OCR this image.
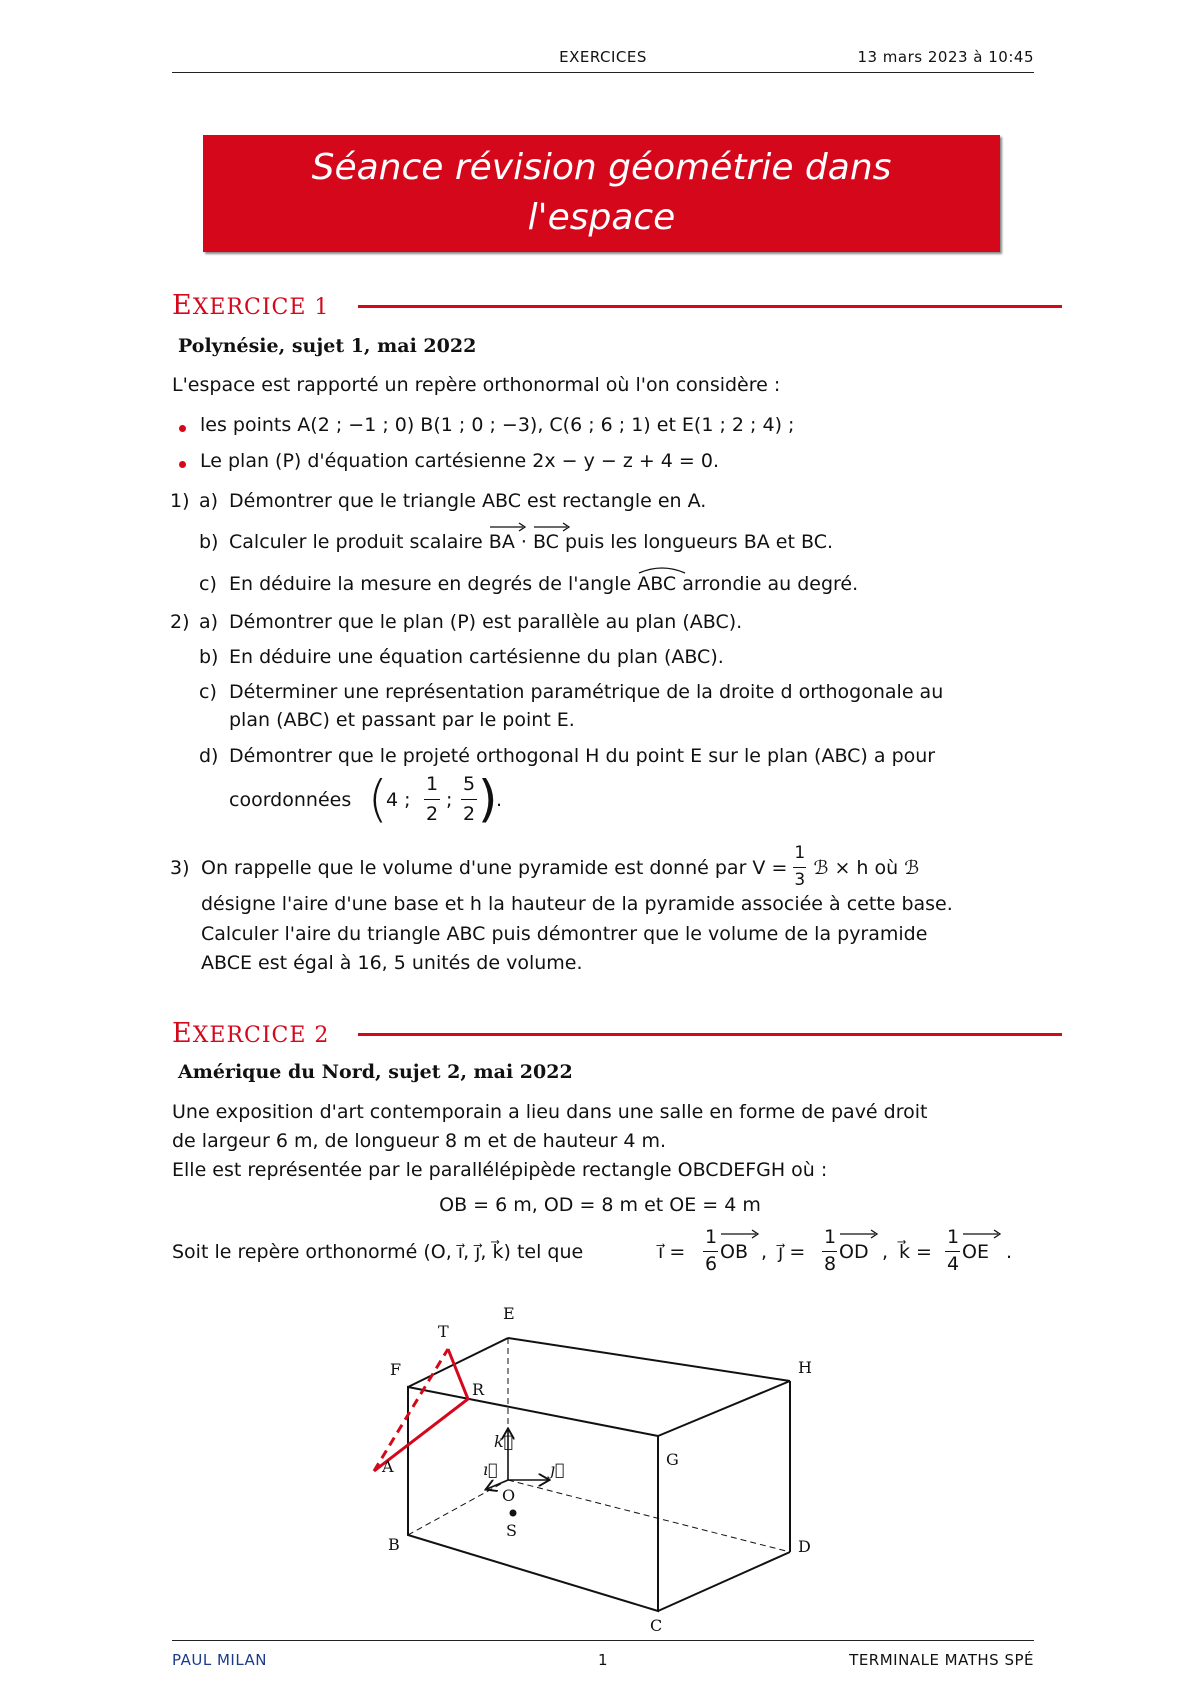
EXERCICES	13 mars 2023 à 10:45
Séance révision géométrie dans
l'espace
EXERCICE 1
Polynésie, sujet 1, mai 2022
L'espace est rapporté un repère orthonormal où l'on considère :
les points A(2 ; −1 ; 0) B(1 ; 0 ; −3), C(6 ; 6 ; 1) et E(1 ; 2 ; 4) ;
Le plan (P) d'équation cartésienne 2x − y − z + 4 = 0.
1) a) Démontrer que le triangle ABC est rectangle en A.
b) Calculer le produit scalaire BA · BC puis les longueurs BA et BC.
c) En déduire la mesure en degrés de l'angle ABC arrondie au degré.
2) a) Démontrer que le plan (P) est parallèle au plan (ABC).
b) En déduire une équation cartésienne du plan (ABC).
c) Déterminer une représentation paramétrique de la droite d orthogonale au
plan (ABC) et passant par le point E.
d) Démontrer que le projeté orthogonal H du point E sur le plan (ABC) a pour
coordonnées (
4 ;
1
2
;
5
2 )
.
3) On rappelle que le volume d'une pyramide est donné par $V = \frac{1}{3}$ ℬ × h où ℬ
désigne l'aire d'une base et h la hauteur de la pyramide associée à cette base.
Calculer l'aire du triangle ABC puis démontrer que le volume de la pyramide
ABCE est égal à 16, 5 unités de volume.
EXERCICE 2
Amérique du Nord, sujet 2, mai 2022
Une exposition d'art contemporain a lieu dans une salle en forme de pavé droit
de largeur 6 m, de longueur 8 m et de hauteur 4 m.
Elle est représentée par le parallélépipède rectangle OBCDEFGH où :
OB = 6 m, OD = 8 m et OE = 4 m
Soit le repère orthonormé (O, ı⃗, ȷ⃗, k⃗) tel que	ı⃗ =
1
6
OB , ȷ⃗ =
1
8
OD , k⃗ =
1
4
OE .
E
T
F	H
R
A	G
O
S
B	D
C
k⃗
ı⃗	ȷ⃗
PAUL MILAN	1	TERMINALE MATHS SPÉ
